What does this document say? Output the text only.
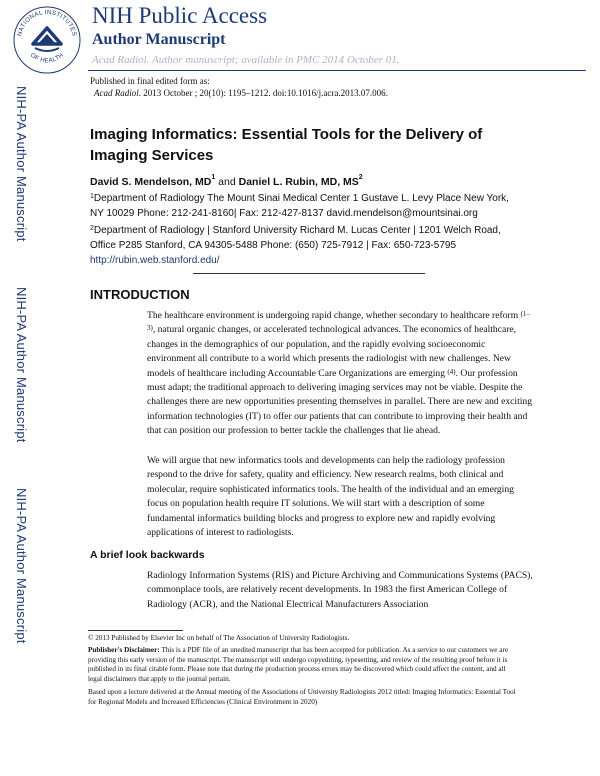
NATIONAL INSTITUTES
OF HEALTH
NIH Public Access
Author Manuscript
Acad Radiol. Author manuscript; available in PMC 2014 October 01.
NIH-PA Author Manuscript
NIH-PA Author Manuscript
NIH-PA Author Manuscript
Published in final edited form as:
Acad Radiol. 2013 October ; 20(10): 1195–1212. doi:10.1016/j.acra.2013.07.006.
Imaging Informatics: Essential Tools for the Delivery of Imaging Services
David S. Mendelson, $MD^1$ and Daniel L. Rubin, MD, $MS^2$
$^1$Department of Radiology The Mount Sinai Medical Center 1 Gustave L. Levy Place New York, NY 10029 Phone: 212-241-8160| Fax: 212-427-8137 david.mendelson@mountsinai.org
$^2$Department of Radiology | Stanford University Richard M. Lucas Center | 1201 Welch Road, Office P285 Stanford, CA 94305-5488 Phone: (650) 725-7912 | Fax: 650-723-5795 http://rubin.web.stanford.edu/
INTRODUCTION
The healthcare environment is undergoing rapid change, whether secondary to healthcare reform $^{(1-3)}$, natural organic changes, or accelerated technological advances. The economics of healthcare, changes in the demographics of our population, and the rapidly evolving socioeconomic environment all contribute to a world which presents the radiologist with new challenges. New models of healthcare including Accountable Care Organizations are emerging $^{(4)}$. Our profession must adapt; the traditional approach to delivering imaging services may not be viable. Despite the challenges there are new opportunities presenting themselves in parallel. There are new and exciting information technologies (IT) to offer our patients that can contribute to improving their health and that can position our profession to better tackle the challenges that lie ahead.
We will argue that new informatics tools and developments can help the radiology profession respond to the drive for safety, quality and efficiency. New research realms, both clinical and molecular, require sophisticated informatics tools. The health of the individual and an emerging focus on population health require IT solutions. We will start with a description of some fundamental informatics building blocks and progress to explore new and rapidly evolving applications of interest to radiologists.
A brief look backwards
Radiology Information Systems (RIS) and Picture Archiving and Communications Systems (PACS), commonplace tools, are relatively recent developments. In 1983 the first American College of Radiology (ACR), and the National Electrical Manufacturers Association
© 2013 Published by Elsevier Inc on behalf of The Association of University Radiologists.
Publisher's Disclaimer: This is a PDF file of an unedited manuscript that has been accepted for publication. As a service to our customers we are providing this early version of the manuscript. The manuscript will undergo copyediting, typesetting, and review of the resulting proof before it is published in its final citable form. Please note that during the production process errors may be discovered which could affect the content, and all legal disclaimers that apply to the journal pertain.
Based upon a lecture delivered at the Annual meeting of the Associations of University Radiologists 2012 titled: Imaging Informatics: Essential Tool for Regional Models and Increased Efficiencies (Clinical Environment in 2020)
